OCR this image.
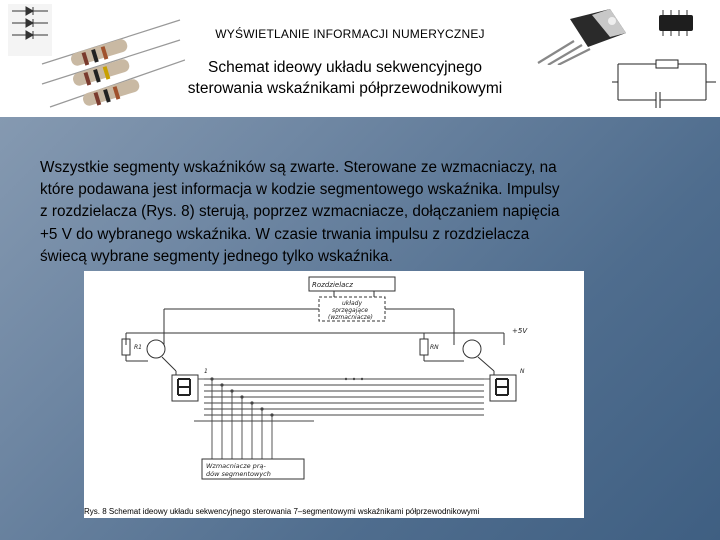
WYŚWIETLANIE INFORMACJI NUMERYCZNEJ
Schemat ideowy układu sekwencyjnego
sterowania wskaźnikami półprzewodnikowymi
Wszystkie segmenty wskaźników są zwarte. Sterowane ze wzmacniaczy, na
które podawana jest informacja w kodzie segmentowego wskaźnika. Impulsy
z rozdzielacza (Rys. 8) sterują, poprzez wzmacniacze, dołączaniem napięcia
+5 V do wybranego wskaźnika. W czasie trwania impulsu z rozdzielacza
świecą wybrane segmenty jednego tylko wskaźnika.
Rozdzielacz
układy
sprzęgające
(wzmacniacze)
+5V
R1	RN
1	N
Wzmacniacze prą-
dów segmentowych
Rys. 8 Schemat ideowy układu sekwencyjnego sterowania 7–segmentowymi wskaźnikami półprzewodnikowymi
